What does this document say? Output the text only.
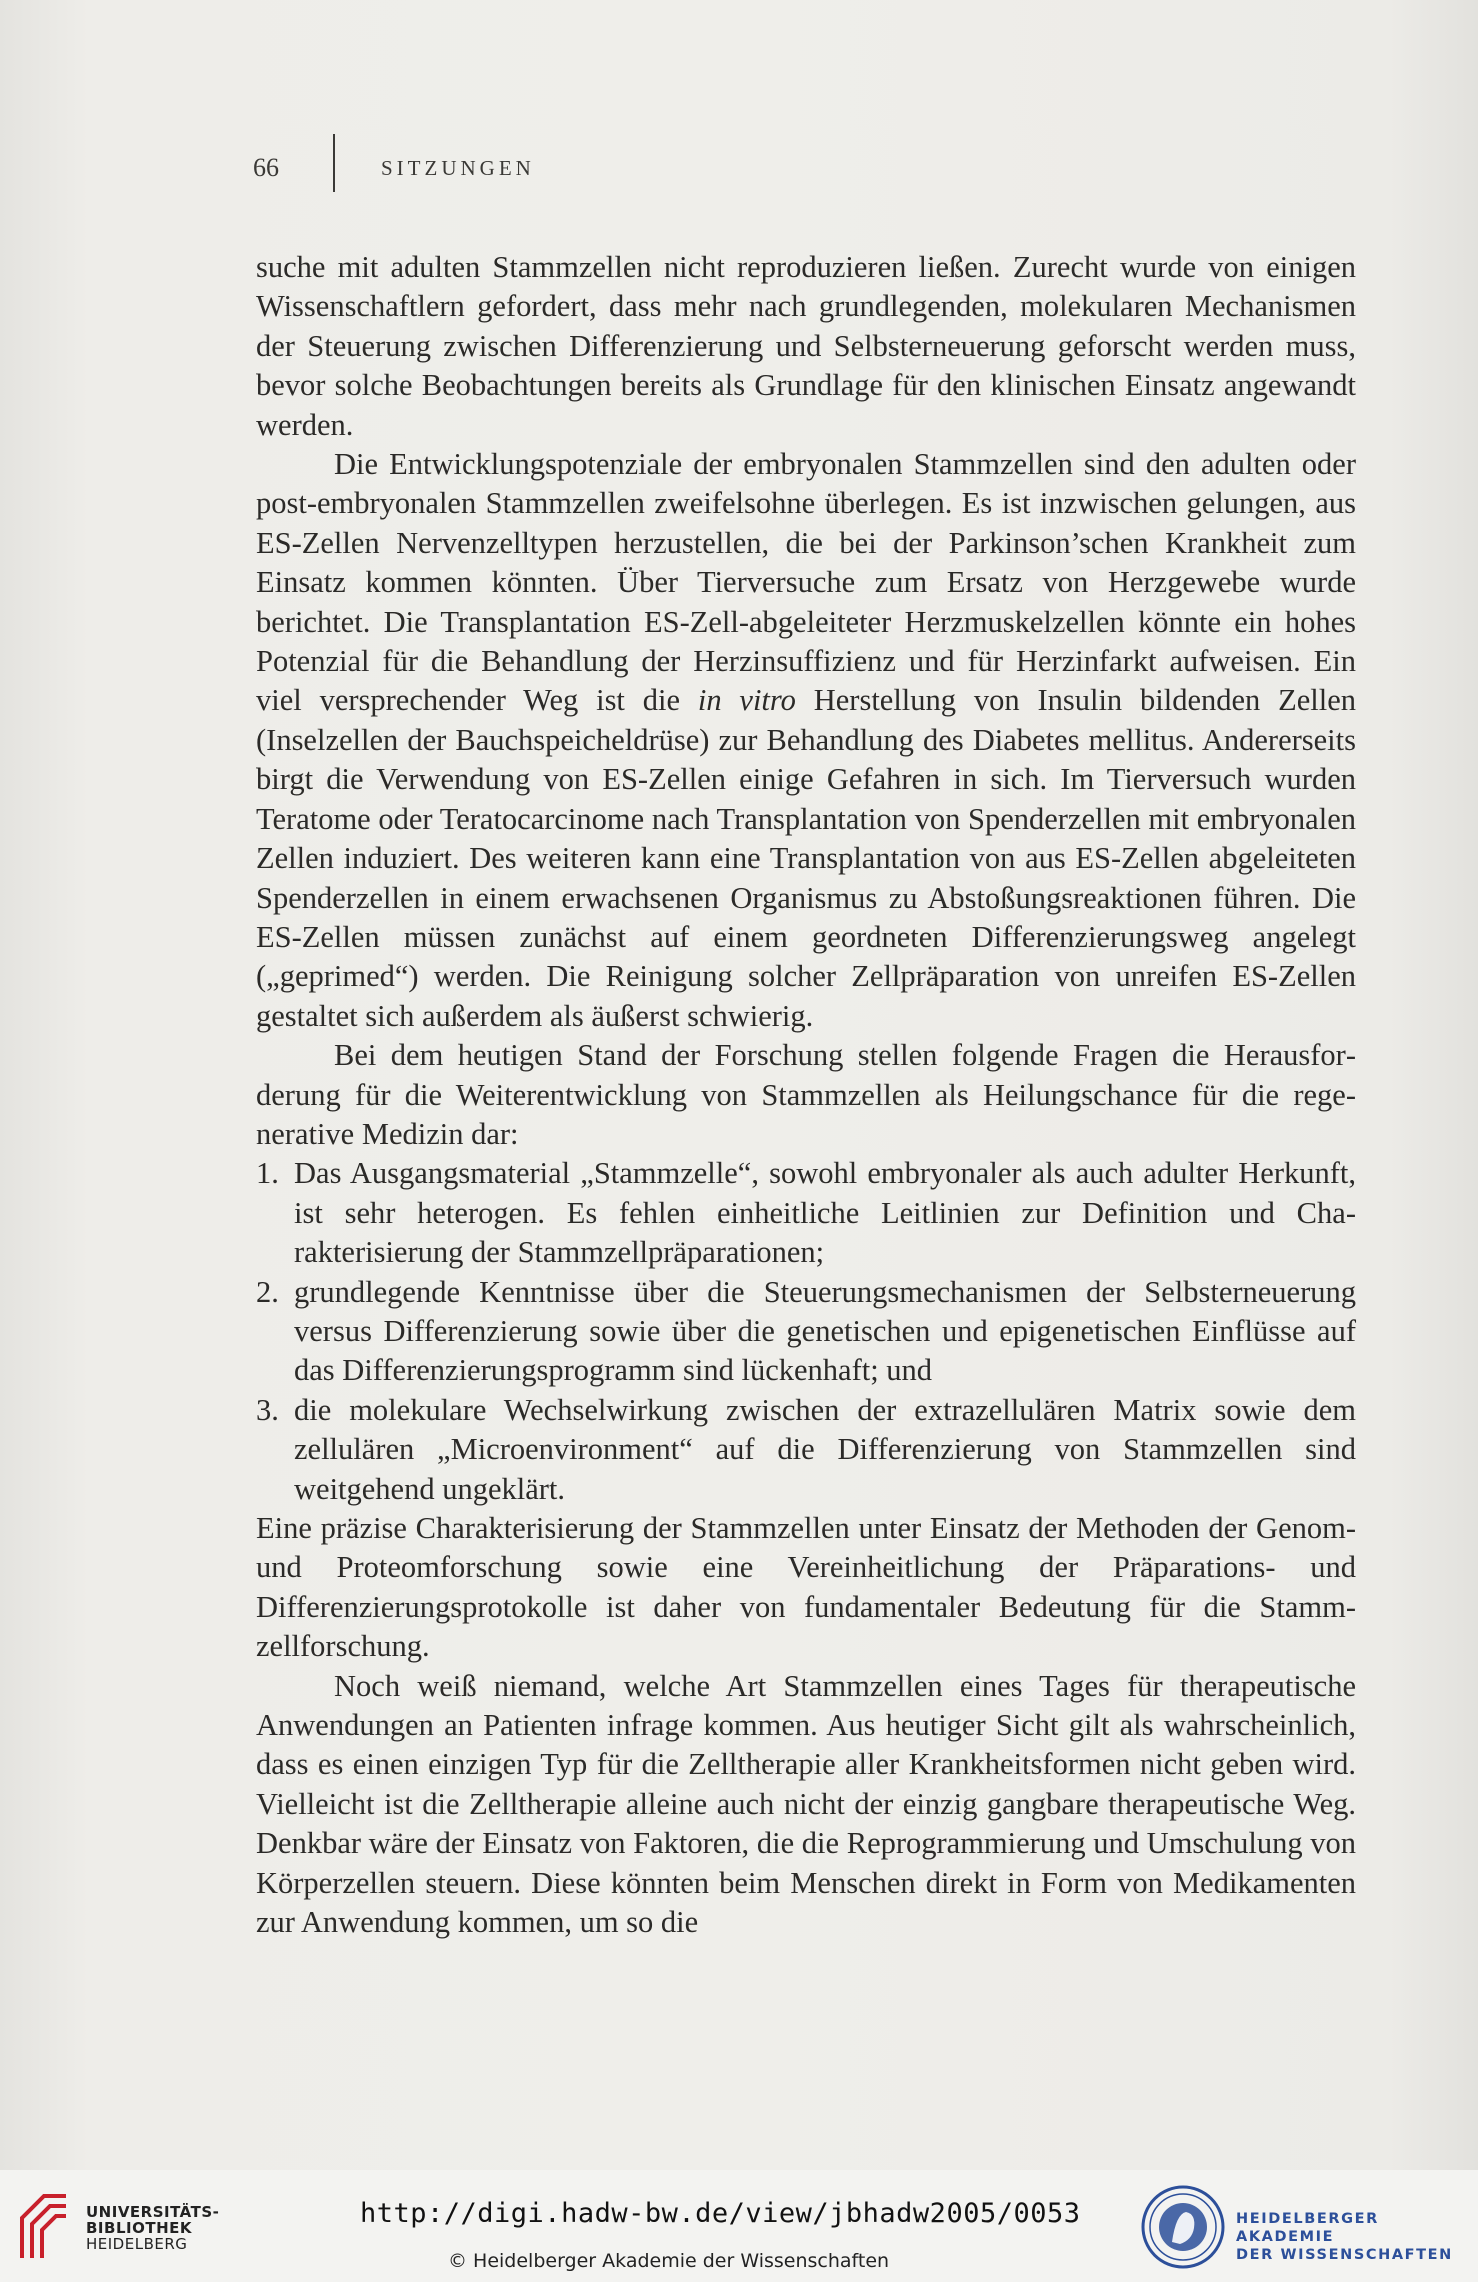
66	SITZUNGEN

suche mit adulten Stammzellen nicht reproduzieren ließen. Zurecht wurde von einigen Wissenschaftlern gefordert, dass mehr nach grundlegenden, molekularen Mechanismen der Steuerung zwischen Differenzierung und Selbsterneuerung geforscht werden muss, bevor solche Beobachtungen bereits als Grundlage für den klinischen Einsatz angewandt werden.

Die Entwicklungspotenziale der embryonalen Stammzellen sind den adulten oder post-embryonalen Stammzellen zweifelsohne überlegen. Es ist inzwischen gelungen, aus ES-Zellen Nervenzelltypen herzustellen, die bei der Parkinson’schen Krankheit zum Einsatz kommen könnten. Über Tierversuche zum Ersatz von Herzgewebe wurde berichtet. Die Transplantation ES-Zell-abgeleiteter Herzmuskelzellen könnte ein hohes Potenzial für die Behandlung der Herzinsuffizienz und für Herzinfarkt aufweisen. Ein viel versprechender Weg ist die in vitro Herstellung von Insulin bildenden Zellen (Inselzellen der Bauchspeicheldrüse) zur Behandlung des Diabetes mellitus. Andererseits birgt die Verwendung von ES-Zellen einige Gefahren in sich. Im Tierversuch wurden Teratome oder Teratocarcinome nach Transplantation von Spenderzellen mit embryonalen Zellen induziert. Des weiteren kann eine Transplantation von aus ES-Zellen abgeleiteten Spenderzellen in einem erwachsenen Organismus zu Abstoßungsreaktionen führen. Die ES-Zellen müssen zunächst auf einem geordneten Differenzierungsweg angelegt („geprimed“) werden. Die Reinigung solcher Zellpräparation von unreifen ES-Zellen gestaltet sich außerdem als äußerst schwierig.

Bei dem heutigen Stand der Forschung stellen folgende Fragen die Herausforderung für die Weiterentwicklung von Stammzellen als Heilungschance für die regenerative Medizin dar:

1. Das Ausgangsmaterial „Stammzelle“, sowohl embryonaler als auch adulter Herkunft, ist sehr heterogen. Es fehlen einheitliche Leitlinien zur Definition und Charakterisierung der Stammzellpräparationen;
2. grundlegende Kenntnisse über die Steuerungsmechanismen der Selbsterneuerung versus Differenzierung sowie über die genetischen und epigenetischen Einflüsse auf das Differenzierungsprogramm sind lückenhaft; und
3. die molekulare Wechselwirkung zwischen der extrazellulären Matrix sowie dem zellulären „Microenvironment“ auf die Differenzierung von Stammzellen sind weitgehend ungeklärt.

Eine präzise Charakterisierung der Stammzellen unter Einsatz der Methoden der Genom- und Proteomforschung sowie eine Vereinheitlichung der Präparations- und Differenzierungsprotokolle ist daher von fundamentaler Bedeutung für die Stammzellforschung.

Noch weiß niemand, welche Art Stammzellen eines Tages für therapeutische Anwendungen an Patienten infrage kommen. Aus heutiger Sicht gilt als wahrscheinlich, dass es einen einzigen Typ für die Zelltherapie aller Krankheitsformen nicht geben wird. Vielleicht ist die Zelltherapie alleine auch nicht der einzig gangbare therapeutische Weg. Denkbar wäre der Einsatz von Faktoren, die die Reprogrammierung und Umschulung von Körperzellen steuern. Diese könnten beim Menschen direkt in Form von Medikamenten zur Anwendung kommen, um so die

UNIVERSITÄTS-
BIBLIOTHEK
HEIDELBERG
http://digi.hadw-bw.de/view/jbhadw2005/0053
© Heidelberger Akademie der Wissenschaften
HEIDELBERGER AKADEMIE
DER WISSENSCHAFTEN
